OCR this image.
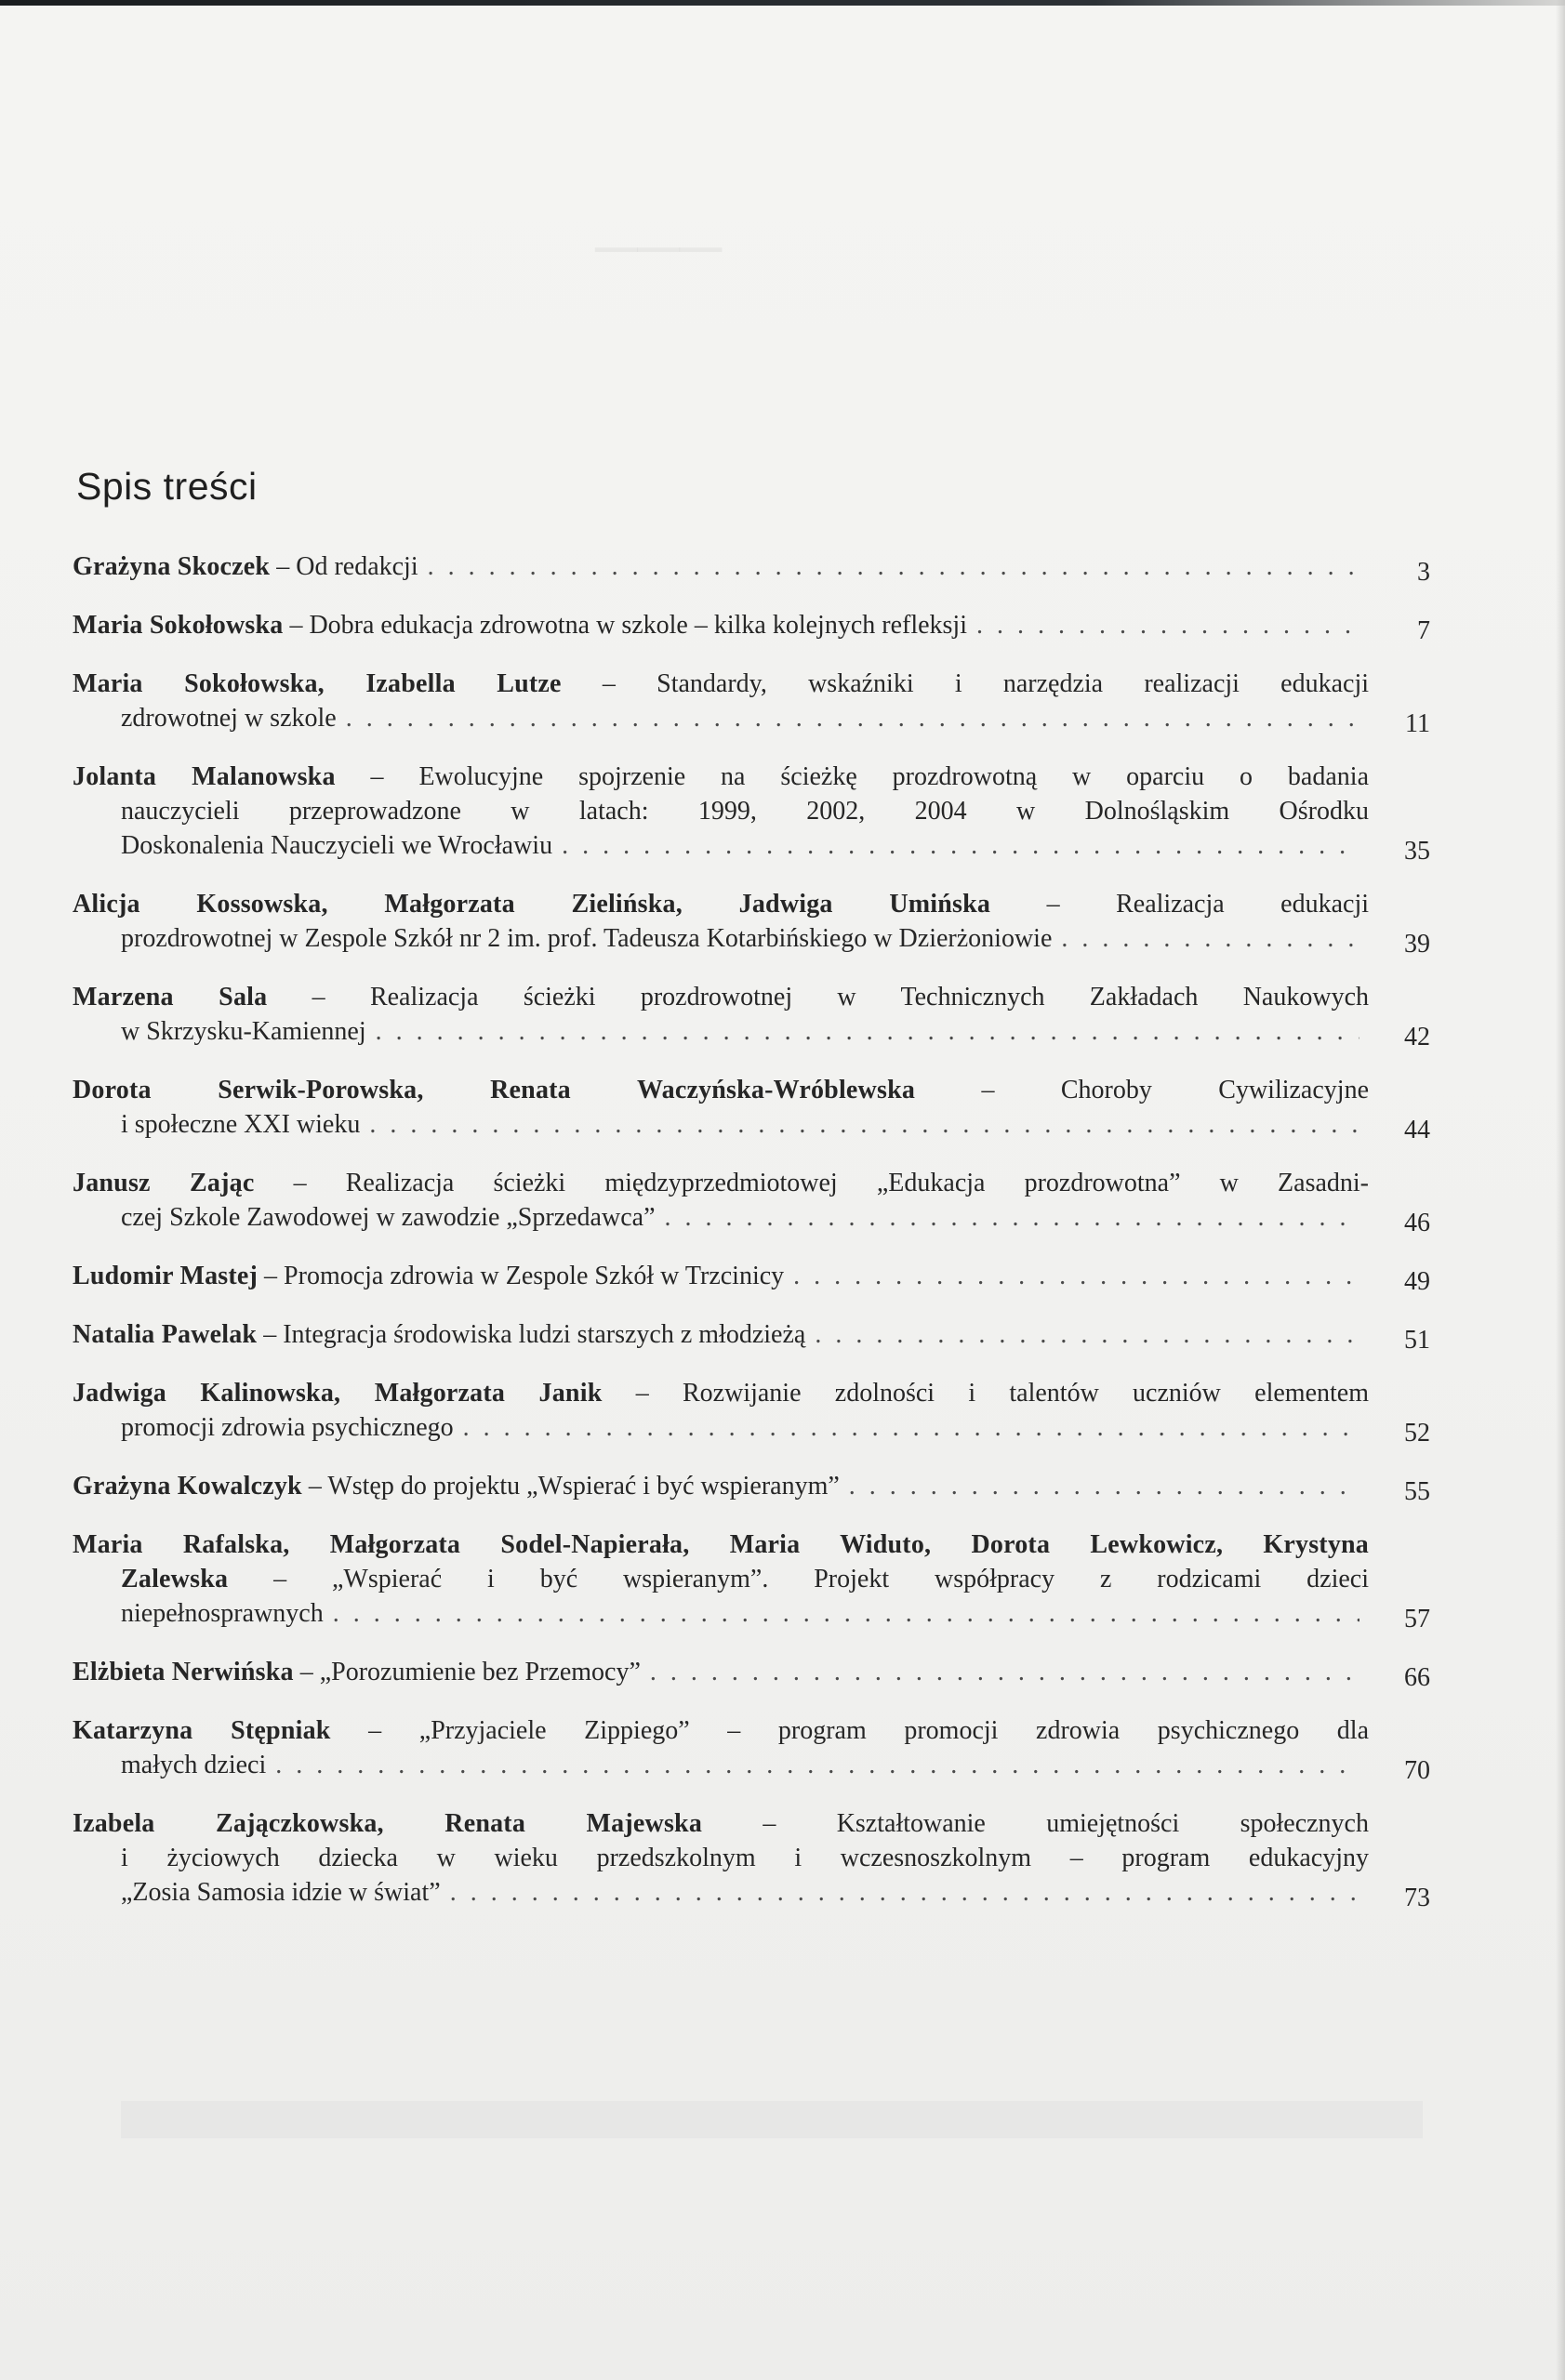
───
Spis treści
Grażyna Skoczek – Od redakcji . . .	3
Maria Sokołowska – Dobra edukacja zdrowotna w szkole – kilka kolejnych refleksji . . .	7
Maria Sokołowska, Izabella Lutze – Standardy, wskaźniki i narzędzia realizacji edukacji
zdrowotnej w szkole . . .	11
Jolanta Malanowska – Ewolucyjne spojrzenie na ścieżkę prozdrowotną w oparciu o badania
nauczycieli przeprowadzone w latach: 1999, 2002, 2004 w Dolnośląskim Ośrodku
Doskonalenia Nauczycieli we Wrocławiu . . .	35
Alicja Kossowska, Małgorzata Zielińska, Jadwiga Umińska – Realizacja edukacji
prozdrowotnej w Zespole Szkół nr 2 im. prof. Tadeusza Kotarbińskiego w Dzierżoniowie . . .	39
Marzena Sala – Realizacja ścieżki prozdrowotnej w Technicznych Zakładach Naukowych
w Skrzysku-Kamiennej . . .	42
Dorota Serwik-Porowska, Renata Waczyńska-Wróblewska – Choroby Cywilizacyjne
i społeczne XXI wieku . . .	44
Janusz Zając – Realizacja ścieżki międzyprzedmiotowej „Edukacja prozdrowotna” w Zasadni-
czej Szkole Zawodowej w zawodzie „Sprzedawca” . . .	46
Ludomir Mastej – Promocja zdrowia w Zespole Szkół w Trzcinicy . . .	49
Natalia Pawelak – Integracja środowiska ludzi starszych z młodzieżą . . .	51
Jadwiga Kalinowska, Małgorzata Janik – Rozwijanie zdolności i talentów uczniów elementem
promocji zdrowia psychicznego . . .	52
Grażyna Kowalczyk – Wstęp do projektu „Wspierać i być wspieranym” . . .	55
Maria Rafalska, Małgorzata Sodel-Napierała, Maria Widuto, Dorota Lewkowicz, Krystyna
Zalewska – „Wspierać i być wspieranym”. Projekt współpracy z rodzicami dzieci
niepełnosprawnych . . .	57
Elżbieta Nerwińska – „Porozumienie bez Przemocy” . . .	66
Katarzyna Stępniak – „Przyjaciele Zippiego” – program promocji zdrowia psychicznego dla
małych dzieci . . .	70
Izabela Zajączkowska, Renata Majewska – Kształtowanie umiejętności społecznych
i życiowych dziecka w wieku przedszkolnym i wczesnoszkolnym – program edukacyjny
„Zosia Samosia idzie w świat” . . .	73
